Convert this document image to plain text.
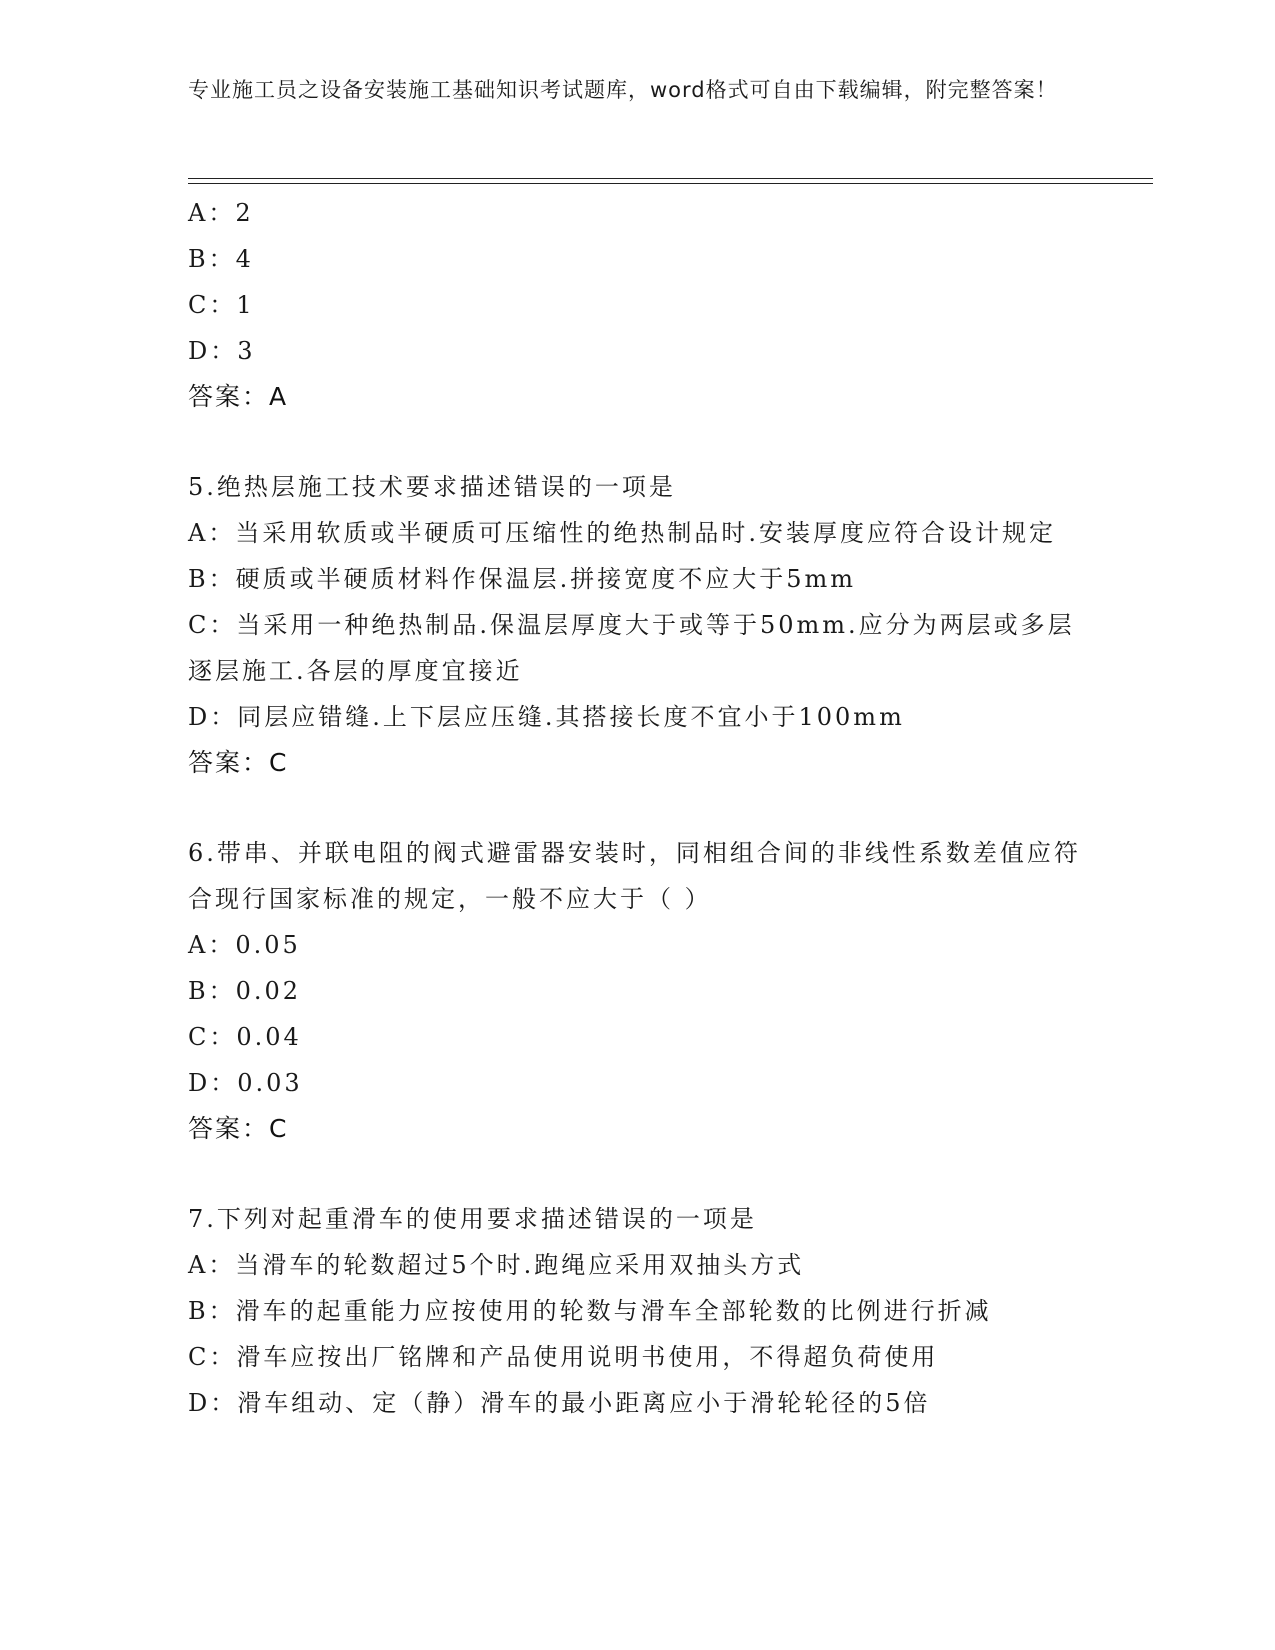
专业施工员之设备安装施工基础知识考试题库，word格式可自由下载编辑，附完整答案！
A：2
B：4
C：1
D：3
答案：A
5.绝热层施工技术要求描述错误的一项是
A：当采用软质或半硬质可压缩性的绝热制品时.安装厚度应符合设计规定
B：硬质或半硬质材料作保温层.拼接宽度不应大于5mm
C：当采用一种绝热制品.保温层厚度大于或等于50mm.应分为两层或多层逐层施工.各层的厚度宜接近
D：同层应错缝.上下层应压缝.其搭接长度不宜小于100mm
答案：C
6.带串、并联电阻的阀式避雷器安装时，同相组合间的非线性系数差值应符合现行国家标准的规定，一般不应大于（ ）
A：0.05
B：0.02
C：0.04
D：0.03
答案：C
7.下列对起重滑车的使用要求描述错误的一项是
A：当滑车的轮数超过5个时.跑绳应采用双抽头方式
B：滑车的起重能力应按使用的轮数与滑车全部轮数的比例进行折减
C：滑车应按出厂铭牌和产品使用说明书使用，不得超负荷使用
D：滑车组动、定（静）滑车的最小距离应小于滑轮轮径的5倍
